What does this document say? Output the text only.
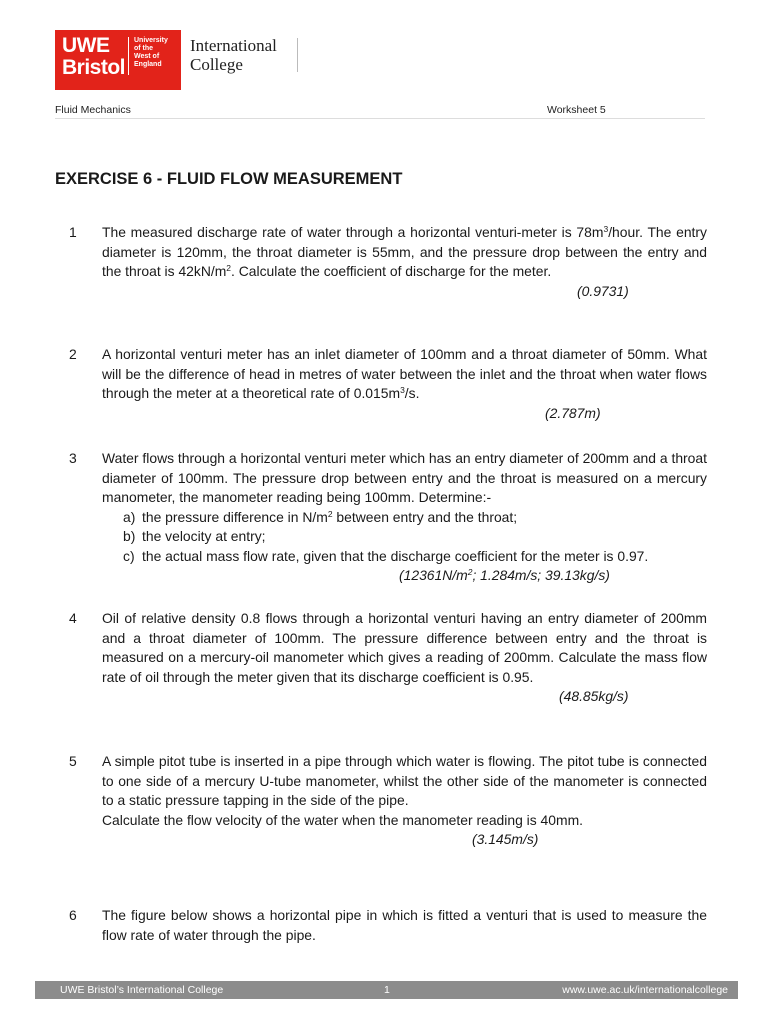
UWE
Bristol
University
of the
West of
England
International
College
Fluid Mechanics	Worksheet 5
EXERCISE 6 - FLUID FLOW MEASUREMENT
1 The measured discharge rate of water through a horizontal venturi-meter is $78m^3$/hour. The entry diameter is 120mm, the throat diameter is 55mm, and the pressure drop between the entry and the throat is $42kN/m^2$. Calculate the coefficient of discharge for the meter.

(0.9731)
2 A horizontal venturi meter has an inlet diameter of 100mm and a throat diameter of 50mm. What will be the difference of head in metres of water between the inlet and the throat when water flows through the meter at a theoretical rate of $0.015m^3/s$.

(2.787m)
3 Water flows through a horizontal venturi meter which has an entry diameter of 200mm and a throat diameter of 100mm. The pressure drop between entry and the throat is measured on a mercury manometer, the manometer reading being 100mm. Determine:-

a) the pressure difference in $N/m^2$ between entry and the throat;
b) the velocity at entry;
c) the actual mass flow rate, given that the discharge coefficient for the meter is 0.97.
($12361N/m^2$; 1.284m/s; 39.13kg/s)
4 Oil of relative density 0.8 flows through a horizontal venturi having an entry diameter of 200mm and a throat diameter of 100mm. The pressure difference between entry and the throat is measured on a mercury-oil manometer which gives a reading of 200mm. Calculate the mass flow rate of oil through the meter given that its discharge coefficient is 0.95.

(48.85kg/s)
5 A simple pitot tube is inserted in a pipe through which water is flowing. The pitot tube is connected to one side of a mercury U-tube manometer, whilst the other side of the manometer is connected to a static pressure tapping in the side of the pipe.

Calculate the flow velocity of the water when the manometer reading is 40mm.

(3.145m/s)
6 The figure below shows a horizontal pipe in which is fitted a venturi that is used to measure the flow rate of water through the pipe.

UWE Bristol’s International College	1	www.uwe.ac.uk/internationalcollege
